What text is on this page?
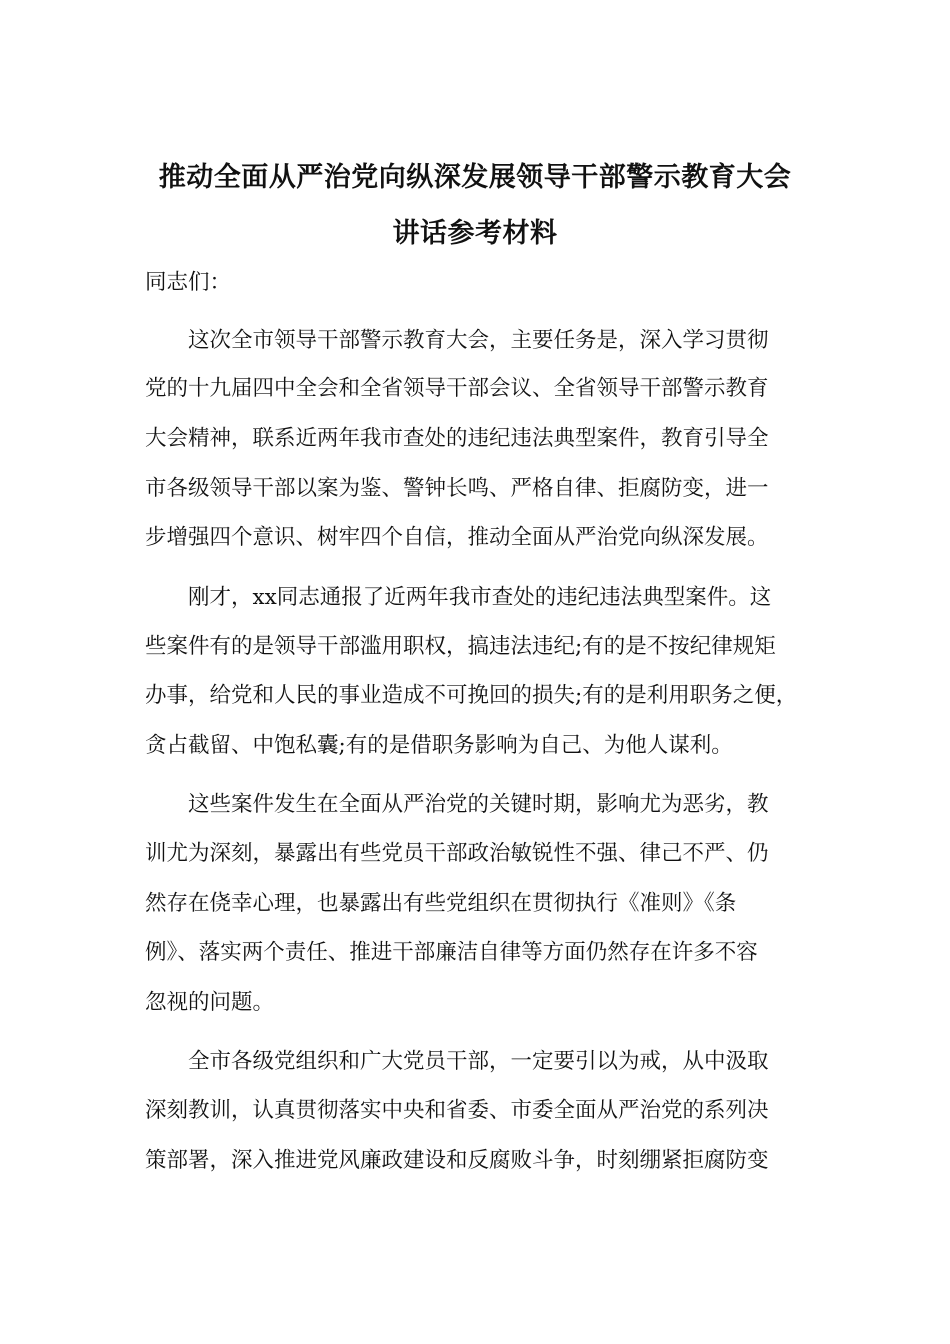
推动全面从严治党向纵深发展领导干部警示教育大会
讲话参考材料

同志们：

这次全市领导干部警示教育大会，主要任务是，深入学习贯彻

党的十九届四中全会和全省领导干部会议、全省领导干部警示教育

大会精神，联系近两年我市查处的违纪违法典型案件，教育引导全

市各级领导干部以案为鉴、警钟长鸣、严格自律、拒腐防变，进一

步增强四个意识、树牢四个自信，推动全面从严治党向纵深发展。

刚才，xx同志通报了近两年我市查处的违纪违法典型案件。这

些案件有的是领导干部滥用职权，搞违法违纪;有的是不按纪律规矩

办事，给党和人民的事业造成不可挽回的损失;有的是利用职务之便，

贪占截留、中饱私囊;有的是借职务影响为自己、为他人谋利。

这些案件发生在全面从严治党的关键时期，影响尤为恶劣，教

训尤为深刻，暴露出有些党员干部政治敏锐性不强、律己不严、仍

然存在侥幸心理，也暴露出有些党组织在贯彻执行《准则》《条

例》、落实两个责任、推进干部廉洁自律等方面仍然存在许多不容

忽视的问题。

全市各级党组织和广大党员干部，一定要引以为戒，从中汲取

深刻教训，认真贯彻落实中央和省委、市委全面从严治党的系列决

策部署，深入推进党风廉政建设和反腐败斗争，时刻绷紧拒腐防变
